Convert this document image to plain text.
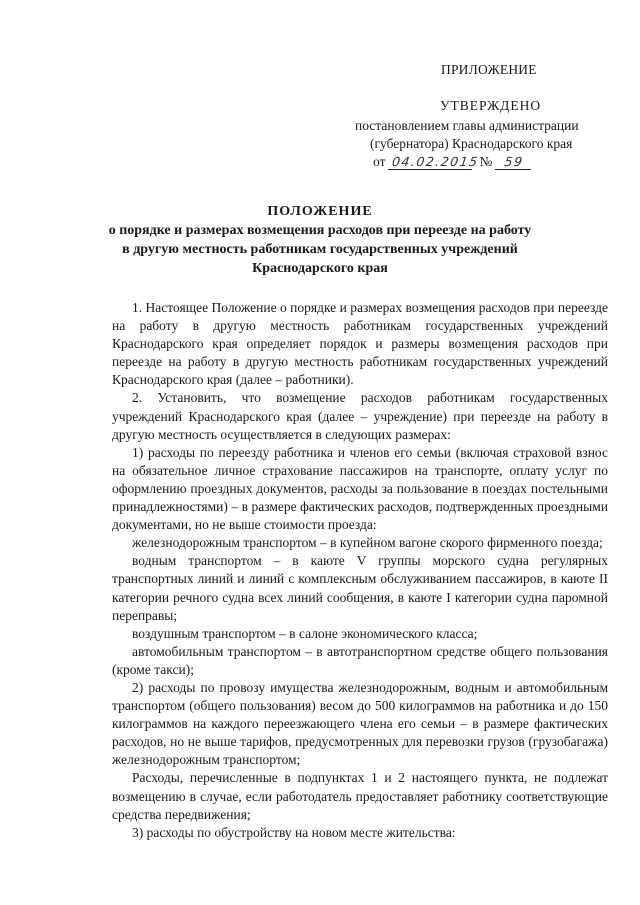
ПРИЛОЖЕНИЕ
УТВЕРЖДЕНО
постановлением главы администрации
(губернатора) Краснодарского края
от 04.02.2015№ 59
ПОЛОЖЕНИЕ
о порядке и размерах возмещения расходов при переезде на работу
в другую местность работникам государственных учреждений
Краснодарского края

1. Настоящее Положение о порядке и размерах возмещения расходов при переезде на работу в другую местность работникам государственных учреждений Краснодарского края определяет порядок и размеры возмещения расходов при переезде на работу в другую местность работникам государственных учреждений Краснодарского края (далее – работники).

2. Установить, что возмещение расходов работникам государственных учреждений Краснодарского края (далее – учреждение) при переезде на работу в другую местность осуществляется в следующих размерах:

1) расходы по переезду работника и членов его семьи (включая страховой взнос на обязательное личное страхование пассажиров на транспорте, оплату услуг по оформлению проездных документов, расходы за пользование в поездах постельными принадлежностями) – в размере фактических расходов, подтвержденных проездными документами, но не выше стоимости проезда:

железнодорожным транспортом – в купейном вагоне скорого фирменного поезда;

водным транспортом – в каюте V группы морского судна регулярных транспортных линий и линий с комплексным обслуживанием пассажиров, в каюте II категории речного судна всех линий сообщения, в каюте I категории судна паромной переправы;

воздушным транспортом – в салоне экономического класса;

автомобильным транспортом – в автотранспортном средстве общего пользования (кроме такси);

2) расходы по провозу имущества железнодорожным, водным и автомобильным транспортом (общего пользования) весом до 500 килограммов на работника и до 150 килограммов на каждого переезжающего члена его семьи – в размере фактических расходов, но не выше тарифов, предусмотренных для перевозки грузов (грузобагажа) железнодорожным транспортом;

Расходы, перечисленные в подпунктах 1 и 2 настоящего пункта, не подлежат возмещению в случае, если работодатель предоставляет работнику соответствующие средства передвижения;

3) расходы по обустройству на новом месте жительства:
